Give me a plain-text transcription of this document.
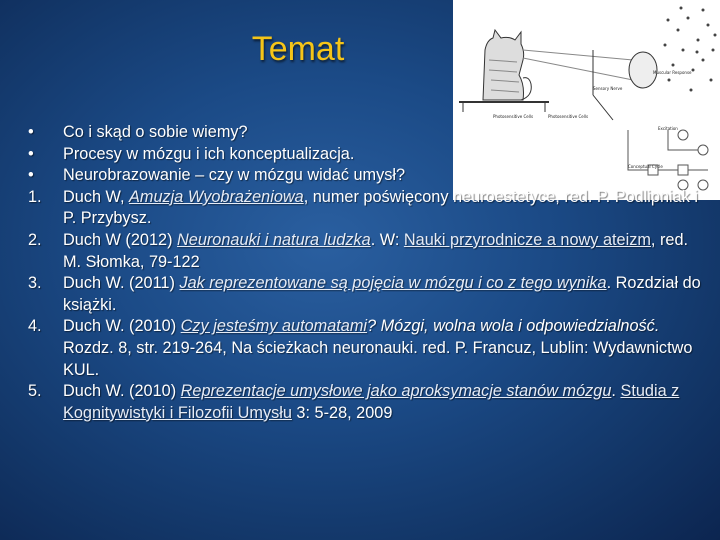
Temat
Muscular Response
Sensory Nerve
Photosensitive Cells	Photosensitive Cells
Excitation
Conceptual Cycle
•	Co i skąd o sobie wiemy?
•	Procesy w mózgu i ich konceptualizacja.
•	Neurobrazowanie – czy w mózgu widać umysł?
1.	Duch W, Amuzja Wyobrażeniowa, numer poświęcony neuroestetyce, red. P. Podlipniak i P. Przybysz.
2.	Duch W (2012) Neuronauki i natura ludzka. W: Nauki przyrodnicze a nowy ateizm, red. M. Słomka, 79-122
3.	Duch W. (2011) Jak reprezentowane są pojęcia w mózgu i co z tego wynika. Rozdział do książki.
4.	Duch W. (2010) Czy jesteśmy automatami? Mózgi, wolna wola i odpowiedzialność. Rozdz. 8, str. 219-264, Na ścieżkach neuronauki. red. P. Francuz, Lublin: Wydawnictwo KUL.
5.	Duch W. (2010) Reprezentacje umysłowe jako aproksymacje stanów mózgu. Studia z Kognitywistyki i Filozofii Umysłu 3: 5-28, 2009
